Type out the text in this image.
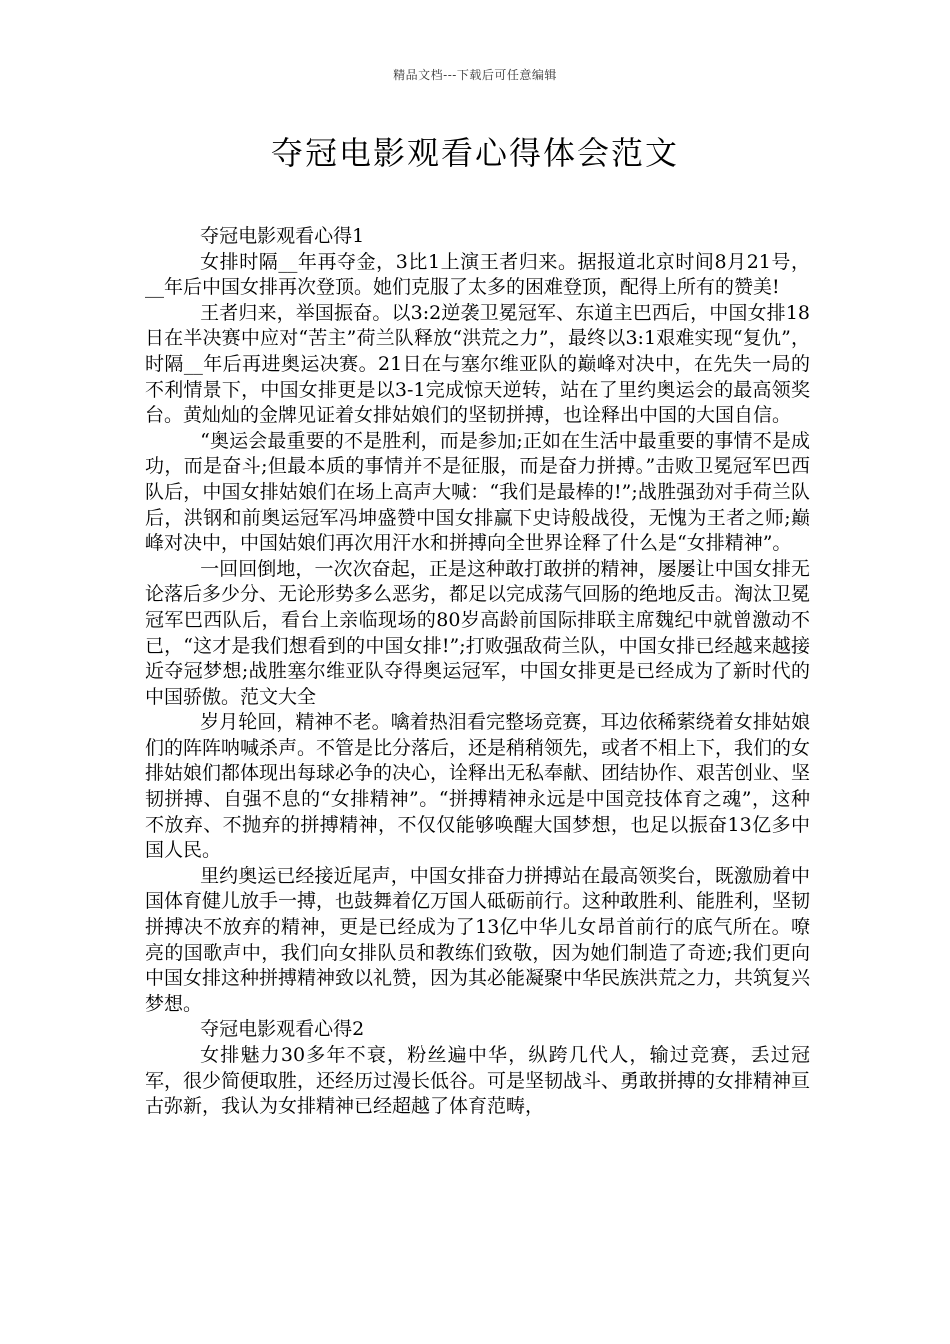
精品文档---下载后可任意编辑
夺冠电影观看心得体会范文

夺冠电影观看心得1

女排时隔__年再夺金，3比1上演王者归来。据报道北京时间8月21号，__年后中国女排再次登顶。她们克服了太多的困难登顶，配得上所有的赞美!

王者归来，举国振奋。以3:2逆袭卫冕冠军、东道主巴西后，中国女排18日在半决赛中应对“苦主”荷兰队释放“洪荒之力”，最终以3:1艰难实现“复仇”，时隔__年后再进奥运决赛。21日在与塞尔维亚队的巅峰对决中，在先失一局的不利情景下，中国女排更是以3-1完成惊天逆转，站在了里约奥运会的最高领奖台。黄灿灿的金牌见证着女排姑娘们的坚韧拼搏，也诠释出中国的大国自信。

“奥运会最重要的不是胜利，而是参加;正如在生活中最重要的事情不是成功，而是奋斗;但最本质的事情并不是征服，而是奋力拼搏。”击败卫冕冠军巴西队后，中国女排姑娘们在场上高声大喊：“我们是最棒的!”;战胜强劲对手荷兰队后，洪钢和前奥运冠军冯坤盛赞中国女排赢下史诗般战役，无愧为王者之师;巅峰对决中，中国姑娘们再次用汗水和拼搏向全世界诠释了什么是“女排精神”。

一回回倒地，一次次奋起，正是这种敢打敢拼的精神，屡屡让中国女排无论落后多少分、无论形势多么恶劣，都足以完成荡气回肠的绝地反击。淘汰卫冕冠军巴西队后，看台上亲临现场的80岁高龄前国际排联主席魏纪中就曾激动不已，“这才是我们想看到的中国女排!”;打败强敌荷兰队，中国女排已经越来越接近夺冠梦想;战胜塞尔维亚队夺得奥运冠军，中国女排更是已经成为了新时代的中国骄傲。范文大全

岁月轮回，精神不老。噙着热泪看完整场竞赛，耳边依稀萦绕着女排姑娘们的阵阵呐喊杀声。不管是比分落后，还是稍稍领先，或者不相上下，我们的女排姑娘们都体现出每球必争的决心，诠释出无私奉献、团结协作、艰苦创业、坚韧拼搏、自强不息的“女排精神”。“拼搏精神永远是中国竞技体育之魂”，这种不放弃、不抛弃的拼搏精神，不仅仅能够唤醒大国梦想，也足以振奋13亿多中国人民。

里约奥运已经接近尾声，中国女排奋力拼搏站在最高领奖台，既激励着中国体育健儿放手一搏，也鼓舞着亿万国人砥砺前行。这种敢胜利、能胜利，坚韧拼搏决不放弃的精神，更是已经成为了13亿中华儿女昂首前行的底气所在。嘹亮的国歌声中，我们向女排队员和教练们致敬，因为她们制造了奇迹;我们更向中国女排这种拼搏精神致以礼赞，因为其必能凝聚中华民族洪荒之力，共筑复兴梦想。

夺冠电影观看心得2

女排魅力30多年不衰，粉丝遍中华，纵跨几代人，输过竞赛，丢过冠军，很少简便取胜，还经历过漫长低谷。可是坚韧战斗、勇敢拼搏的女排精神亘古弥新，我认为女排精神已经超越了体育范畴，
